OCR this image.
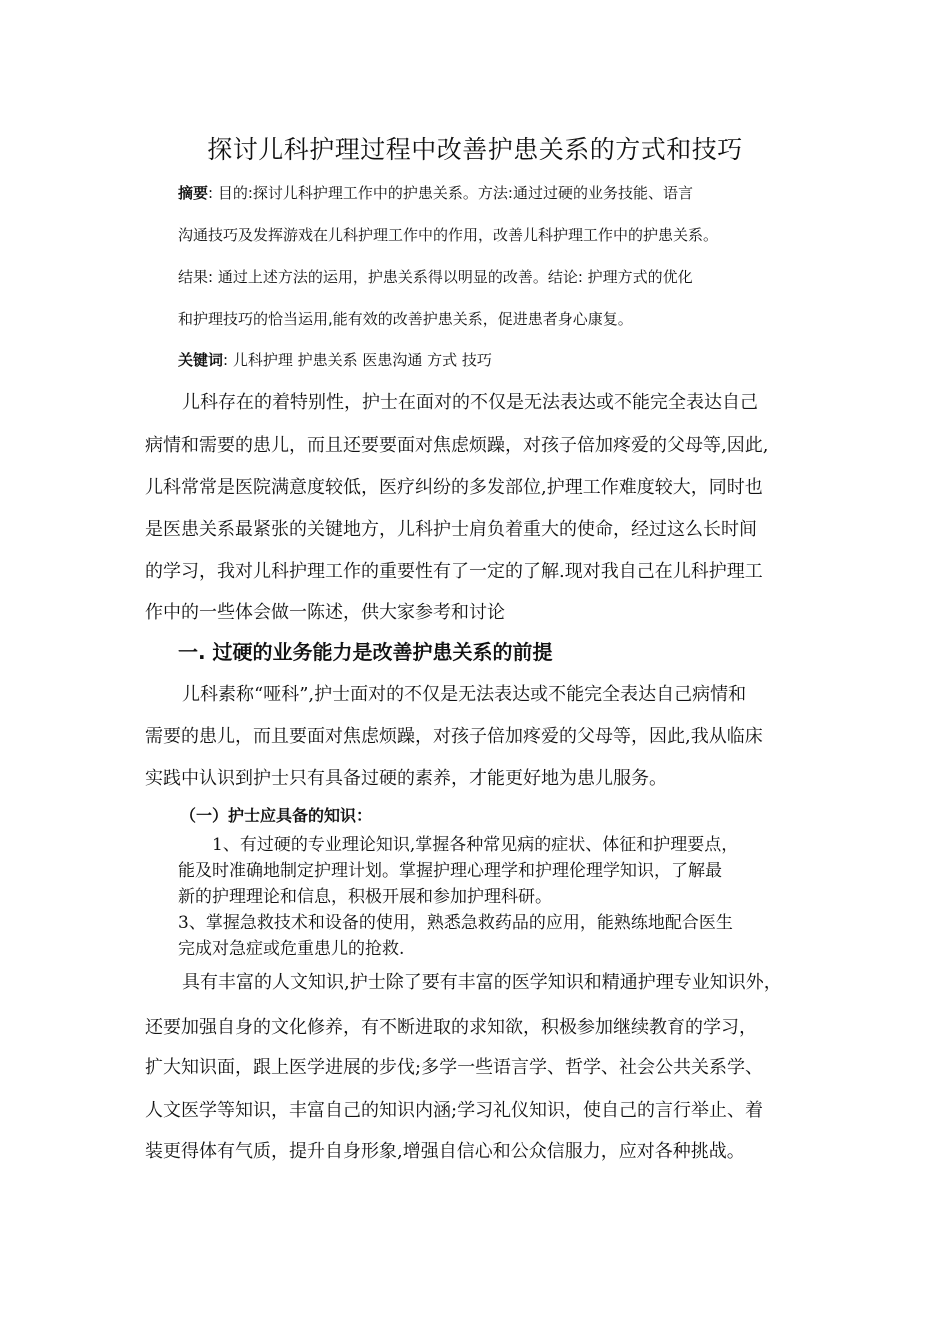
探讨儿科护理过程中改善护患关系的方式和技巧
摘要: 目的:探讨儿科护理工作中的护患关系。方法:通过过硬的业务技能、语言
沟通技巧及发挥游戏在儿科护理工作中的作用，改善儿科护理工作中的护患关系。
结果: 通过上述方法的运用，护患关系得以明显的改善。结论: 护理方式的优化
和护理技巧的恰当运用,能有效的改善护患关系，促进患者身心康复。
关键词: 儿科护理 护患关系 医患沟通 方式 技巧
儿科存在的着特别性，护士在面对的不仅是无法表达或不能完全表达自己
病情和需要的患儿，而且还要要面对焦虑烦躁，对孩子倍加疼爱的父母等,因此,
儿科常常是医院满意度较低，医疗纠纷的多发部位,护理工作难度较大，同时也
是医患关系最紧张的关键地方，儿科护士肩负着重大的使命，经过这么长时间
的学习，我对儿科护理工作的重要性有了一定的了解.现对我自己在儿科护理工
作中的一些体会做一陈述，供大家参考和讨论
一. 过硬的业务能力是改善护患关系的前提
儿科素称“哑科”,护士面对的不仅是无法表达或不能完全表达自己病情和
需要的患儿，而且要面对焦虑烦躁，对孩子倍加疼爱的父母等，因此,我从临床
实践中认识到护士只有具备过硬的素养，才能更好地为患儿服务。
（一）护士应具备的知识：
1、有过硬的专业理论知识,掌握各种常见病的症状、体征和护理要点，
能及时准确地制定护理计划。掌握护理心理学和护理伦理学知识，了解最
新的护理理论和信息，积极开展和参加护理科研。
3、掌握急救技术和设备的使用，熟悉急救药品的应用，能熟练地配合医生
完成对急症或危重患儿的抢救.
具有丰富的人文知识,护士除了要有丰富的医学知识和精通护理专业知识外，
还要加强自身的文化修养，有不断进取的求知欲，积极参加继续教育的学习，
扩大知识面，跟上医学进展的步伐;多学一些语言学、哲学、社会公共关系学、
人文医学等知识，丰富自己的知识内涵;学习礼仪知识，使自己的言行举止、着
装更得体有气质，提升自身形象,增强自信心和公众信服力，应对各种挑战。
